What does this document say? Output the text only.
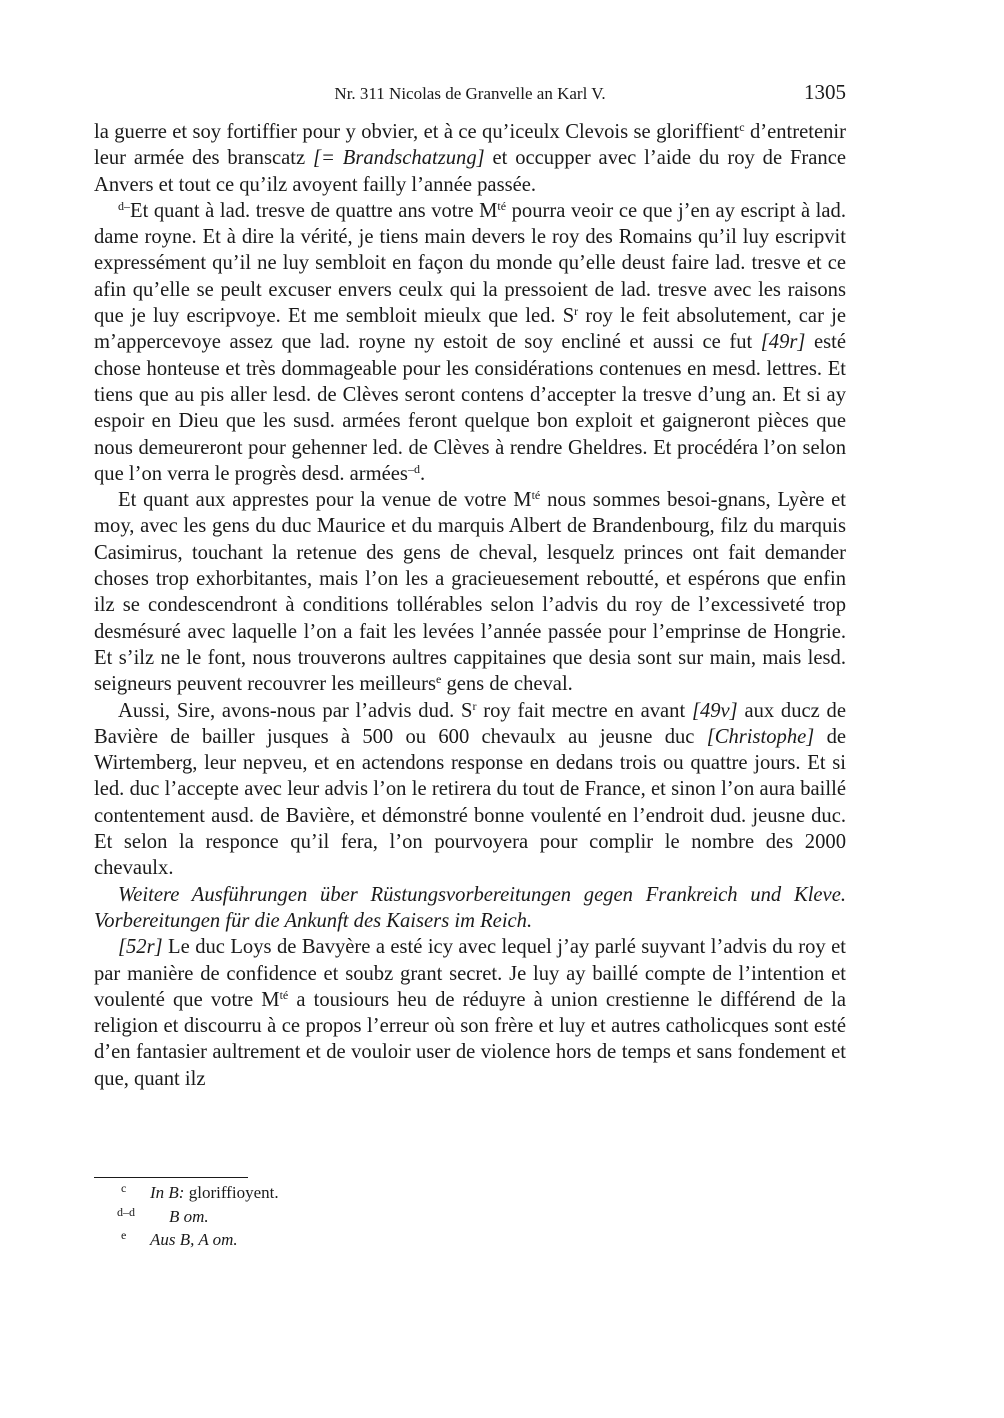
Nr. 311 Nicolas de Granvelle an Karl V.	1305

la guerre et soy fortiffier pour y obvier, et à ce qu’iceulx Clevois se gloriffient$^c$ d’entretenir leur armée des branscatz [= Brandschatzung] et occupper avec l’aide du roy de France Anvers et tout ce qu’ilz avoyent failly l’année passée.

$^{d-}$Et quant à lad. tresve de quattre ans votre $M^{té}$ pourra veoir ce que j’en ay escript à lad. dame royne. Et à dire la vérité, je tiens main devers le roy des Romains qu’il luy escripvit expressément qu’il ne luy sembloit en façon du monde qu’elle deust faire lad. tresve et ce afin qu’elle se peult excuser envers ceulx qui la pressoient de lad. tresve avec les raisons que je luy escripvoye. Et me sembloit mieulx que led. $S^r$ roy le feit absolutement, car je m’appercevoye assez que lad. royne ny estoit de soy encliné et aussi ce fut [49r] esté chose honteuse et très dommageable pour les considérations contenues en mesd. lettres. Et tiens que au pis aller lesd. de Clèves seront contens d’accepter la tresve d’ung an. Et si ay espoir en Dieu que les susd. armées feront quelque bon exploit et gaigneront pièces que nous demeureront pour gehenner led. de Clèves à rendre Gheldres. Et procédéra l’on selon que l’on verra le progrès desd. armées$^{-d}$.

Et quant aux apprestes pour la venue de votre $M^{té}$ nous sommes besoi-gnans, Lyère et moy, avec les gens du duc Maurice et du marquis Albert de Brandenbourg, filz du marquis Casimirus, touchant la retenue des gens de cheval, lesquelz princes ont fait demander choses trop exhorbitantes, mais l’on les a gracieuesement reboutté, et espérons que enfin ilz se condescendront à conditions tollérables selon l’advis du roy de l’excessiveté trop desmésuré avec laquelle l’on a fait les levées l’année passée pour l’emprinse de Hongrie. Et s’ilz ne le font, nous trouverons aultres cappitaines que desia sont sur main, mais lesd. seigneurs peuvent recouvrer les meilleurs$^e$ gens de cheval.

Aussi, Sire, avons-nous par l’advis dud. $S^r$ roy fait mectre en avant [49v] aux ducz de Bavière de bailler jusques à 500 ou 600 chevaulx au jeusne duc [Christophe] de Wirtemberg, leur nepveu, et en actendons response en dedans trois ou quattre jours. Et si led. duc l’accepte avec leur advis l’on le retirera du tout de France, et sinon l’on aura baillé contentement ausd. de Bavière, et démonstré bonne voulenté en l’endroit dud. jeusne duc. Et selon la responce qu’il fera, l’on pourvoyera pour complir le nombre des 2000 chevaulx.

Weitere Ausführungen über Rüstungsvorbereitungen gegen Frankreich und Kleve. Vorbereitungen für die Ankunft des Kaisers im Reich.

[52r] Le duc Loys de Bavyère a esté icy avec lequel j’ay parlé suyvant l’advis du roy et par manière de confidence et soubz grant secret. Je luy ay baillé compte de l’intention et voulenté que votre $M^{té}$ a tousiours heu de réduyre à union crestienne le différend de la religion et discourru à ce propos l’erreur où son frère et luy et autres catholicques sont esté d’en fantasier aultrement et de vouloir user de violence hors de temps et sans fondement et que, quant ilz

c In B: gloriffioyent.
d–d B om.
e Aus B, A om.
